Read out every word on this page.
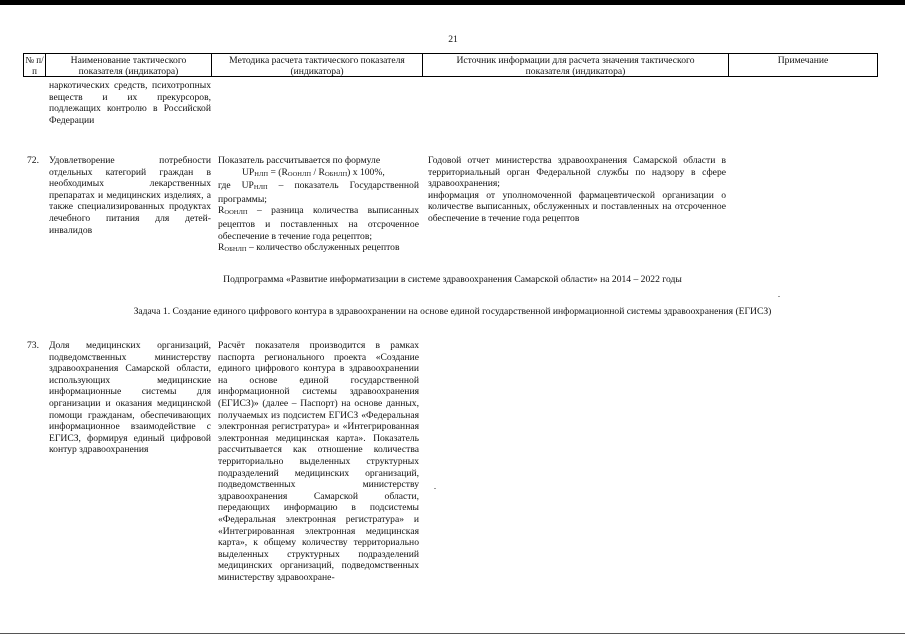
21
№ п/п
Наименование тактического показателя (индикатора)
Методика расчета тактического показателя (индикатора)
Источник информации для расчета значения тактического показателя (индикатора)
Примечание
наркотических средств, психотропных веществ и их прекурсоров, подлежащих контролю в Российской Федерации
72. Удовлетворение потребности отдельных категорий граждан в необходимых лекарственных препаратах и медицинских изделиях, а также специализированных продуктах лечебного питания для детей-инвалидов
Показатель рассчитывается по формуле
UPНЛП = (RООНЛП / RОБНЛП) х 100%,
где UPНЛП – показатель Государственной программы;
RООНЛП – разница количества выписанных рецептов и поставленных на отсроченное обеспечение в течение года рецептов;
RОБНЛП – количество обслуженных рецептов
Годовой отчет министерства здравоохранения Самарской области в территориальный орган Федеральной службы по надзору в сфере здравоохранения;
информация от уполномоченной фармацевтической организации о количестве выписанных, обслуженных и поставленных на отсроченное обеспечение в течение года рецептов
Подпрограмма «Развитие информатизации в системе здравоохранения Самарской области» на 2014 – 2022 годы
Задача 1. Создание единого цифрового контура в здравоохранении на основе единой государственной информационной системы здравоохранения (ЕГИСЗ)
73. Доля медицинских организаций, подведомственных министерству здравоохранения Самарской области, использующих медицинские информационные системы для организации и оказания медицинской помощи гражданам, обеспечивающих информационное взаимодействие с ЕГИСЗ, формируя единый цифровой контур здравоохранения
Расчёт показателя производится в рамках паспорта регионального проекта «Создание единого цифрового контура в здравоохранении на основе единой государственной информационной системы здравоохранения (ЕГИСЗ)» (далее – Паспорт) на основе данных, получаемых из подсистем ЕГИСЗ «Федеральная электронная регистратура» и «Интегрированная электронная медицинская карта». Показатель рассчитывается как отношение количества территориально выделенных структурных подразделений медицинских организаций, подведомственных министерству здравоохранения Самарской области, передающих информацию в подсистемы «Федеральная электронная регистратура» и «Интегрированная электронная медицинская карта», к общему количеству территориально выделенных структурных подразделений медицинских организаций, подведомственных министерству здравоохране-
